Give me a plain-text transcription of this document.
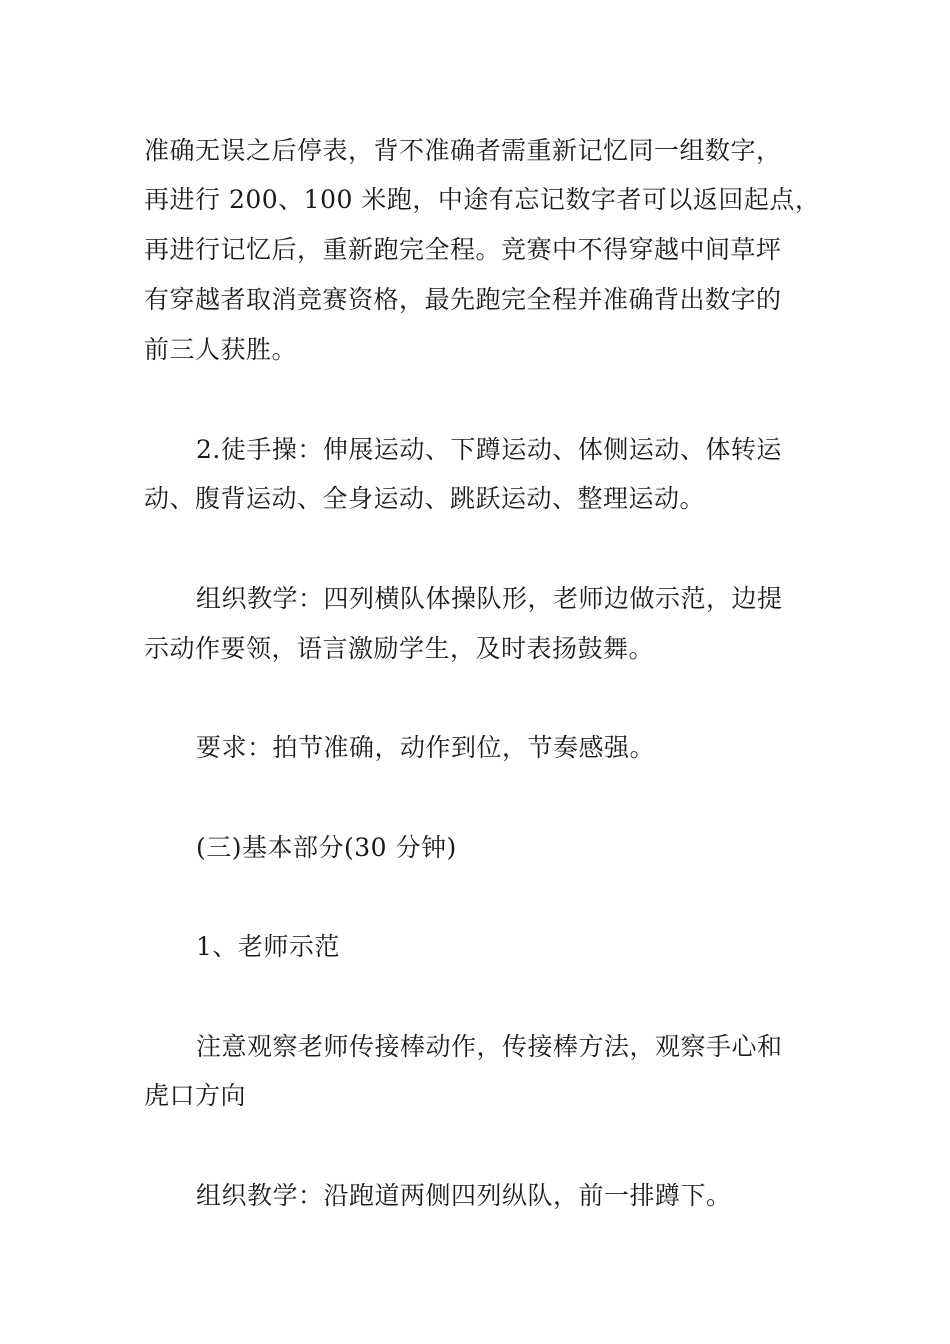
准确无误之后停表，背不准确者需重新记忆同一组数字，
再进行 200、100 米跑，中途有忘记数字者可以返回起点，
再进行记忆后，重新跑完全程。竞赛中不得穿越中间草坪
有穿越者取消竞赛资格，最先跑完全程并准确背出数字的
前三人获胜。
2.徒手操：伸展运动、下蹲运动、体侧运动、体转运
动、腹背运动、全身运动、跳跃运动、整理运动。
组织教学：四列横队体操队形，老师边做示范，边提
示动作要领，语言激励学生，及时表扬鼓舞。
要求：拍节准确，动作到位，节奏感强。
(三)基本部分(30 分钟)
1、老师示范
注意观察老师传接棒动作，传接棒方法，观察手心和
虎口方向
组织教学：沿跑道两侧四列纵队，前一排蹲下。
